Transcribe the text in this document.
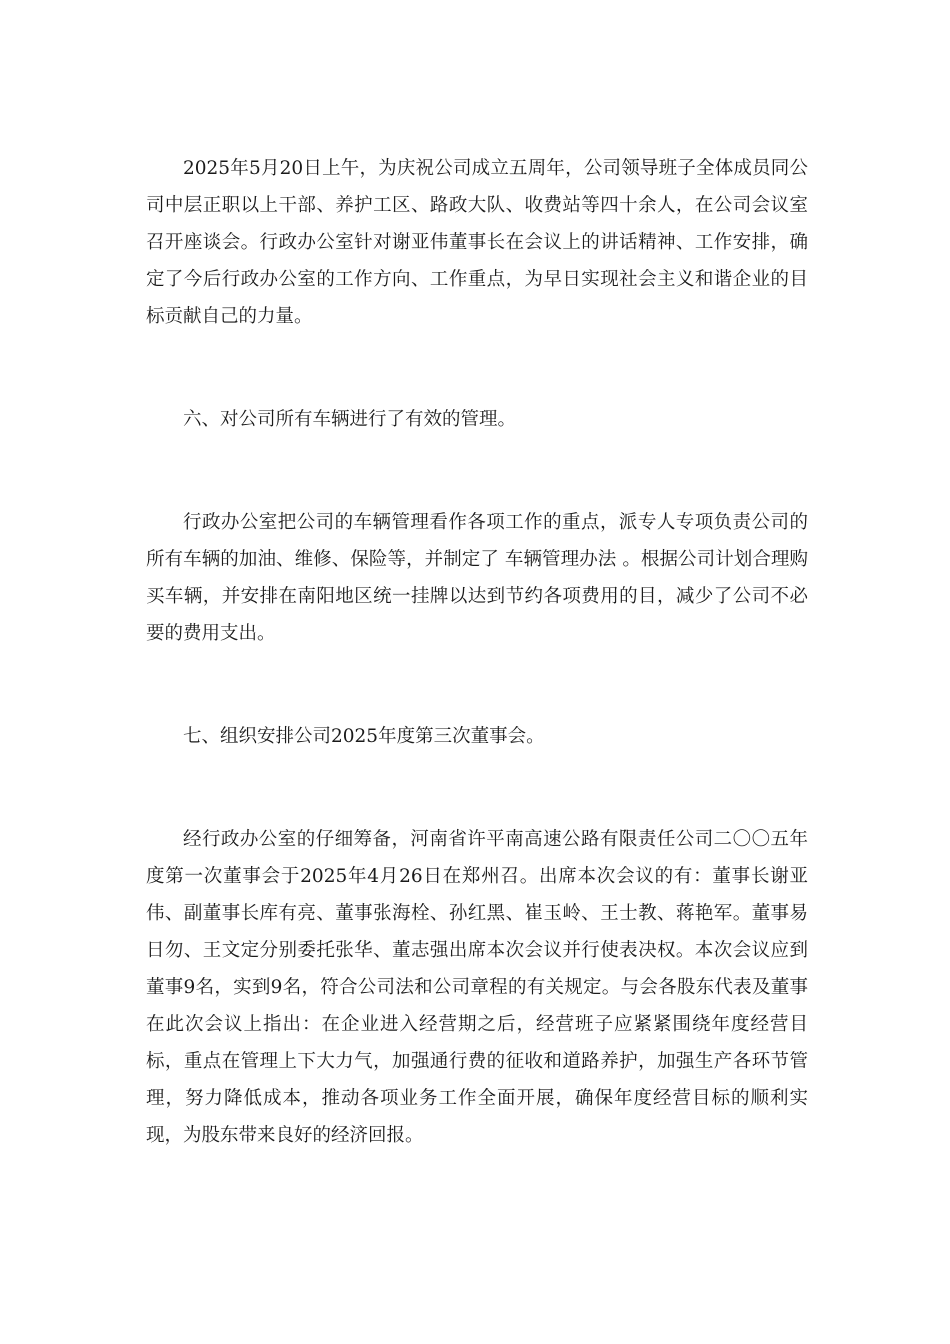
2025年5月20日上午，为庆祝公司成立五周年，公司领导班子全体成员同公司中层正职以上干部、养护工区、路政大队、收费站等四十余人，在公司会议室召开座谈会。行政办公室针对谢亚伟董事长在会议上的讲话精神、工作安排，确定了今后行政办公室的工作方向、工作重点，为早日实现社会主义和谐企业的目标贡献自己的力量。

六、对公司所有车辆进行了有效的管理。

行政办公室把公司的车辆管理看作各项工作的重点，派专人专项负责公司的所有车辆的加油、维修、保险等，并制定了 车辆管理办法 。根据公司计划合理购买车辆，并安排在南阳地区统一挂牌以达到节约各项费用的目，减少了公司不必要的费用支出。

七、组织安排公司2025年度第三次董事会。

经行政办公室的仔细筹备，河南省许平南高速公路有限责任公司二〇〇五年度第一次董事会于2025年4月26日在郑州召。出席本次会议的有：董事长谢亚伟、副董事长库有亮、董事张海栓、孙红黑、崔玉岭、王士教、蒋艳军。董事易日勿、王文定分别委托张华、董志强出席本次会议并行使表决权。本次会议应到董事9名，实到9名，符合公司法和公司章程的有关规定。与会各股东代表及董事在此次会议上指出：在企业进入经营期之后，经营班子应紧紧围绕年度经营目标，重点在管理上下大力气，加强通行费的征收和道路养护，加强生产各环节管理，努力降低成本，推动各项业务工作全面开展，确保年度经营目标的顺利实现，为股东带来良好的经济回报。
